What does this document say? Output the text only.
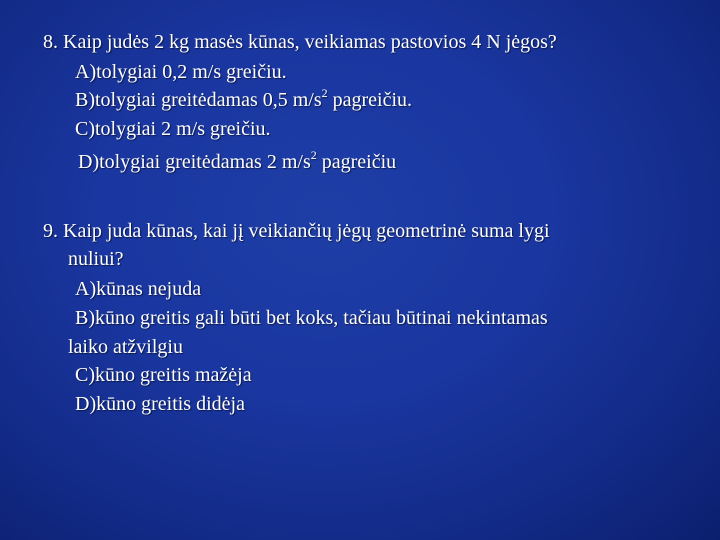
8. Kaip judės 2 kg masės kūnas, veikiamas pastovios 4 N jėgos?
A)tolygiai 0,2 m/s greičiu.
B)tolygiai greitėdamas 0,5 $m/s^2$ pagreičiu.
C)tolygiai 2 m/s greičiu.
D)tolygiai greitėdamas 2 $m/s^2$ pagreičiu
9. Kaip juda kūnas, kai jį veikiančių jėgų geometrinė suma lygi
nuliui?
A)kūnas nejuda
B)kūno greitis gali būti bet koks, tačiau būtinai nekintamas
laiko atžvilgiu
C)kūno greitis mažėja
D)kūno greitis didėja
